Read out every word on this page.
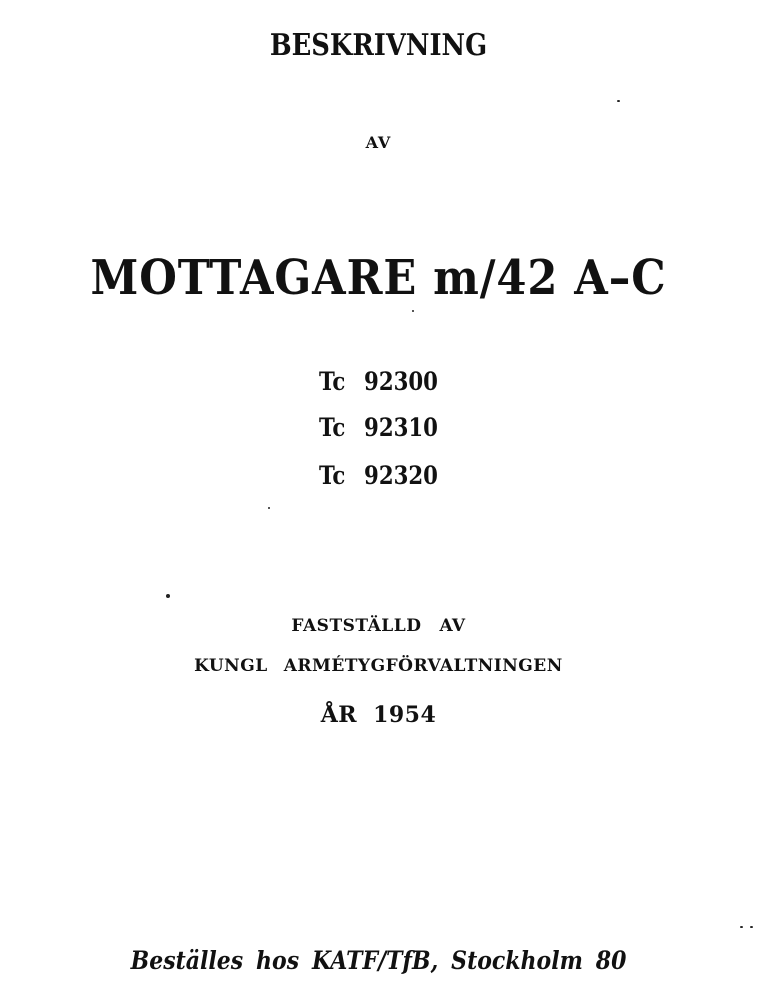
BESKRIVNING
AV
MOTTAGARE m/42 A–C
Tc 92300
Tc 92310
Tc 92320
FASTSTÄLLD AV
KUNGL ARMÉTYGFÖRVALTNINGEN
ÅR 1954
Beställes hos KATF/TfB, Stockholm 80
